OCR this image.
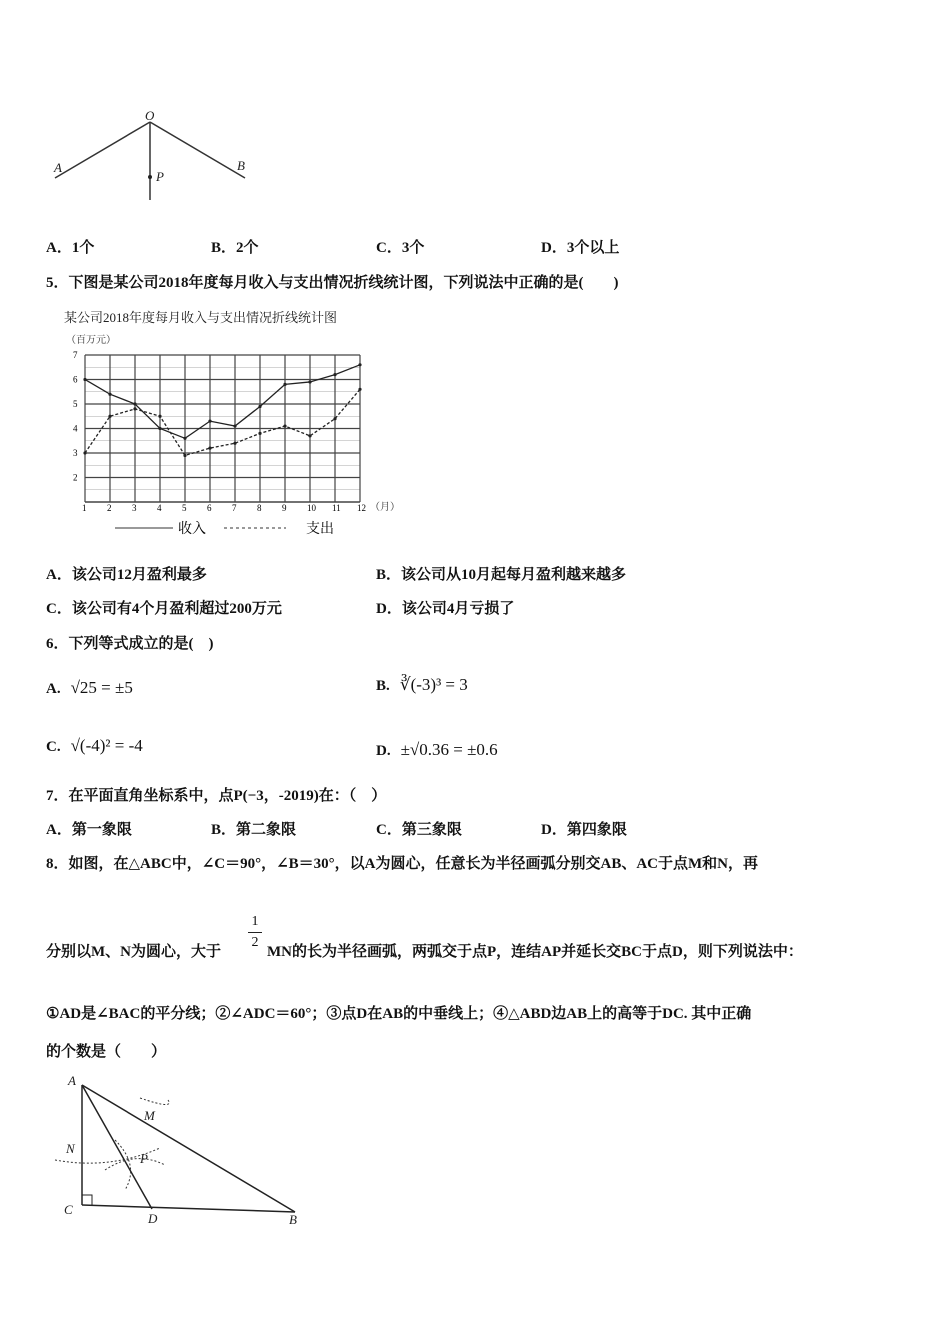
O
A	B
P
A．1个	B．2个	C．3个	D．3个以上
5．下图是某公司2018年度每月收入与支出情况折线统计图，下列说法中正确的是(　　)
某公司2018年度每月收入与支出情况折线统计图
（百万元）
1 2 3 4 5 6 7 8 9 10 11 12
2
3
4
5
6
7
（月）
收入	支出
A．该公司12月盈利最多	B．该公司从10月起每月盈利越来越多
C．该公司有4个月盈利超过200万元	D．该公司4月亏损了
6．下列等式成立的是(　)
A. √25 = ±5	B. ∛(-3)³ = 3
C. √(-4)² = -4	D. ±√0.36 = ±0.6
7．在平面直角坐标系中，点P(−3，-2019)在：（　）
A．第一象限	B．第二象限	C．第三象限	D．第四象限
8．如图，在△ABC中，∠C＝90°，∠B＝30°，以A为圆心，任意长为半径画弧分别交AB、AC于点M和N，再
分别以M、N为圆心，大于
1
2
MN的长为半径画弧，两弧交于点P，连结AP并延长交BC于点D，则下列说法中：
①AD是∠BAC的平分线；②∠ADC＝60°；③点D在AB的中垂线上；④△ABD边AB上的高等于DC. 其中正确
的个数是（　　）
A
N
M
P
C
D	B
